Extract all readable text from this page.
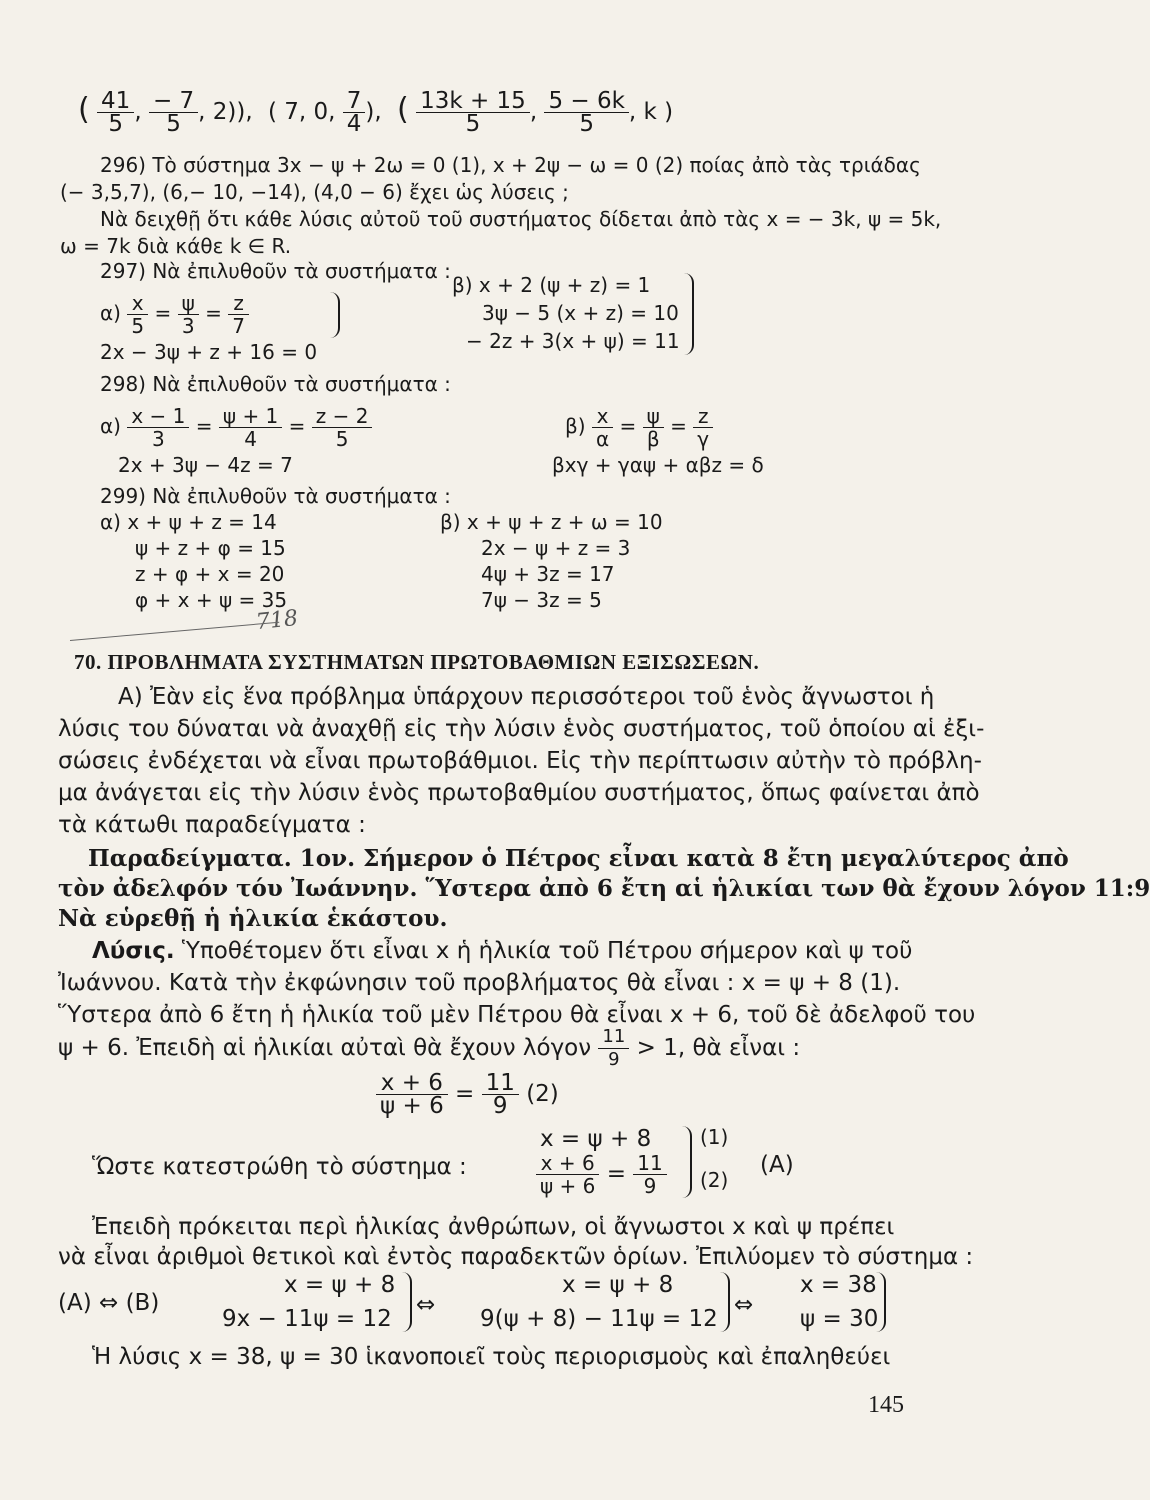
( $\frac{41}{5}$ , $\frac{- 7}{5}$ , 2)), ( 7, 0, $\frac{7}{4}$ ), ( $\frac{13k + 15}{5}$ , $\frac{5 - 6k}{5}$ , k )
296) Τὸ σύστημα 3x − ψ + 2ω = 0 (1), x + 2ψ − ω = 0 (2) ποίας ἀπὸ τὰς τριάδας
(− 3,5,7), (6,− 10, −14), (4,0 − 6) ἔχει ὡς λύσεις ;
Νὰ δειχθῇ ὅτι κάθε λύσις αὐτοῦ τοῦ συστήματος δίδεται ἀπὸ τὰς x = − 3k, ψ = 5k,
ω = 7k διὰ κάθε k ∈ R.
297) Νὰ ἐπιλυθοῦν τὰ συστήματα :
$\alpha) \frac{x}{5} = \frac{\psi}{3} = \frac{z}{7}$
2x − 3ψ + z + 16 = 0
β) x + 2 (ψ + z) = 1
3ψ − 5 (x + z) = 10
− 2z + 3(x + ψ) = 11
298) Νὰ ἐπιλυθοῦν τὰ συστήματα :
$\alpha) \frac{x - 1}{3} = \frac{\psi + 1}{4} = \frac{z - 2}{5}$
2x + 3ψ − 4z = 7
$\beta) \frac{x}{\alpha} = \frac{\psi}{\beta} = \frac{z}{\gamma}$
βxγ + γαψ + αβz = δ
299) Νὰ ἐπιλυθοῦν τὰ συστήματα :
α) x + ψ + z = 14
ψ + z + φ = 15
z + φ + x = 20
φ + x + ψ = 35
β) x + ψ + z + ω = 10
2x − ψ + z = 3
4ψ + 3z = 17
7ψ − 3z = 5
718
70. ΠΡΟΒΛΗΜΑΤΑ ΣΥΣΤΗΜΑΤΩΝ ΠΡΩΤΟΒΑΘΜΙΩΝ ΕΞΙΣΩΣΕΩΝ.
Α) Ἐὰν εἰς ἕνα πρόβλημα ὑπάρχουν περισσότεροι τοῦ ἑνὸς ἄγνωστοι ἡ
λύσις του δύναται νὰ ἀναχθῇ εἰς τὴν λύσιν ἑνὸς συστήματος, τοῦ ὁποίου αἱ ἐξι-
σώσεις ἐνδέχεται νὰ εἶναι πρωτοβάθμιοι. Εἰς τὴν περίπτωσιν αὐτὴν τὸ πρόβλη-
μα ἀνάγεται εἰς τὴν λύσιν ἑνὸς πρωτοβαθμίου συστήματος, ὅπως φαίνεται ἀπὸ
τὰ κάτωθι παραδείγματα :
Παραδείγματα. 1ον. Σήμερον ὁ Πέτρος εἶναι κατὰ 8 ἔτη μεγαλύτερος ἀπὸ
τὸν ἀδελφόν τόυ Ἰωάννην. Ὕστερα ἀπὸ 6 ἔτη αἱ ἡλικίαι των θὰ ἔχουν λόγον 11:9
Νὰ εὑρεθῇ ἡ ἡλικία ἑκάστου.
Λύσις. Ὑποθέτομεν ὅτι εἶναι x ἡ ἡλικία τοῦ Πέτρου σήμερον καὶ ψ τοῦ
Ἰωάννου. Κατὰ τὴν ἐκφώνησιν τοῦ προβλήματος θὰ εἶναι : x = ψ + 8 (1).
Ὕστερα ἀπὸ 6 ἔτη ἡ ἡλικία τοῦ μὲν Πέτρου θὰ εἶναι x + 6, τοῦ δὲ ἀδελφοῦ του
ψ + 6. Ἐπειδὴ αἱ ἡλικίαι αὐταὶ θὰ ἔχουν λόγον $\frac{11}{9} > 1$, θὰ εἶναι :
$\frac{x + 6}{\psi + 6} = \frac{11}{9} (2)$
Ὥστε κατεστρώθη τὸ σύστημα :
x = ψ + 8
$\frac{x + 6}{\psi + 6} = \frac{11}{9}$
(1)
(2)
(A)
Ἐπειδὴ πρόκειται περὶ ἡλικίας ἀνθρώπων, οἱ ἄγνωστοι x καὶ ψ πρέπει
νὰ εἶναι ἀριθμοὶ θετικοὶ καὶ ἐντὸς παραδεκτῶν ὁρίων. Ἐπιλύομεν τὸ σύστημα :
(A) ⇔ (B)
x = ψ + 8
9x − 11ψ = 12
⇔
x = ψ + 8
9(ψ + 8) − 11ψ = 12
⇔
x = 38
ψ = 30
Ἡ λύσις x = 38, ψ = 30 ἱκανοποιεῖ τοὺς περιορισμοὺς καὶ ἐπαληθεύει
145
